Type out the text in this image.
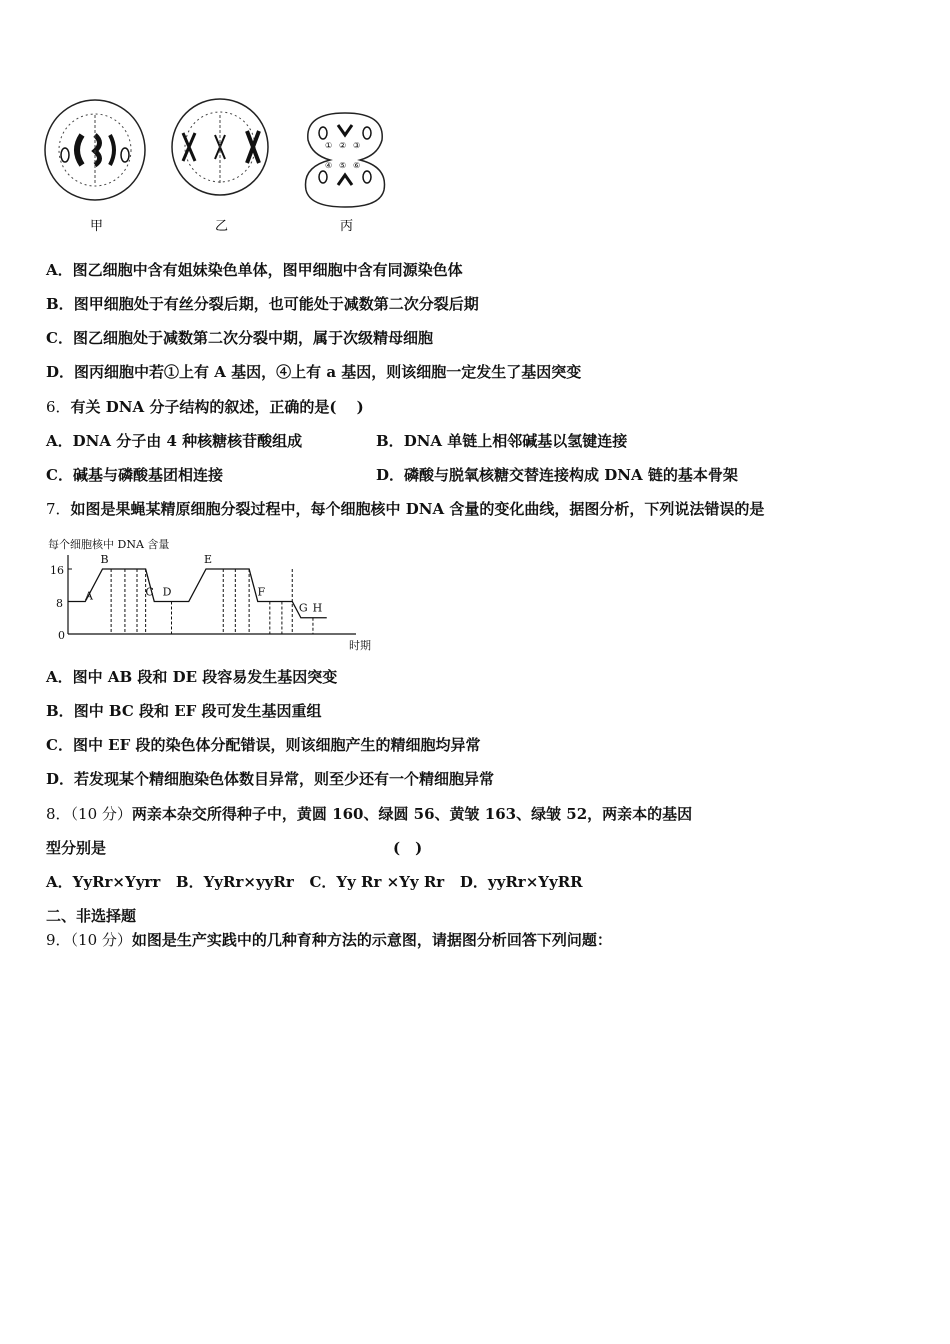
① ② ③
④ ⑤ ⑥
甲	乙	丙
A．图乙细胞中含有姐妹染色单体，图甲细胞中含有同源染色体
B．图甲细胞处于有丝分裂后期，也可能处于减数第二次分裂后期
C．图乙细胞处于减数第二次分裂中期，属于次级精母细胞
D．图丙细胞中若①上有 A 基因，④上有 a 基因，则该细胞一定发生了基因突变
6．有关 DNA 分子结构的叙述，正确的是(　 )
A．DNA 分子由 4 种核糖核苷酸组成	B．DNA 单链上相邻碱基以氢键连接
C．碱基与磷酸基团相连接	D．磷酸与脱氧核糖交替连接构成 DNA 链的基本骨架
7．如图是果蝇某精原细胞分裂过程中，每个细胞核中 DNA 含量的变化曲线，据图分析，下列说法错误的是
每个细胞核中 DNA 含量
时期
16
8
0
A
B
C D
E
F
G H
A．图中 AB 段和 DE 段容易发生基因突变
B．图中 BC 段和 EF 段可发生基因重组
C．图中 EF 段的染色体分配错误，则该细胞产生的精细胞均异常
D．若发现某个精细胞染色体数目异常，则至少还有一个精细胞异常
8．（10 分）两亲本杂交所得种子中，黄圆 160、绿圆 56、黄皱 163、绿皱 52，两亲本的基因
型分别是	(　)
A．YyRr×Yyrr B．YyRr×yyRr C．Yy Rr ×Yy Rr D．yyRr×YyRR
二、非选择题
9．（10 分）如图是生产实践中的几种育种方法的示意图，请据图分析回答下列问题：
